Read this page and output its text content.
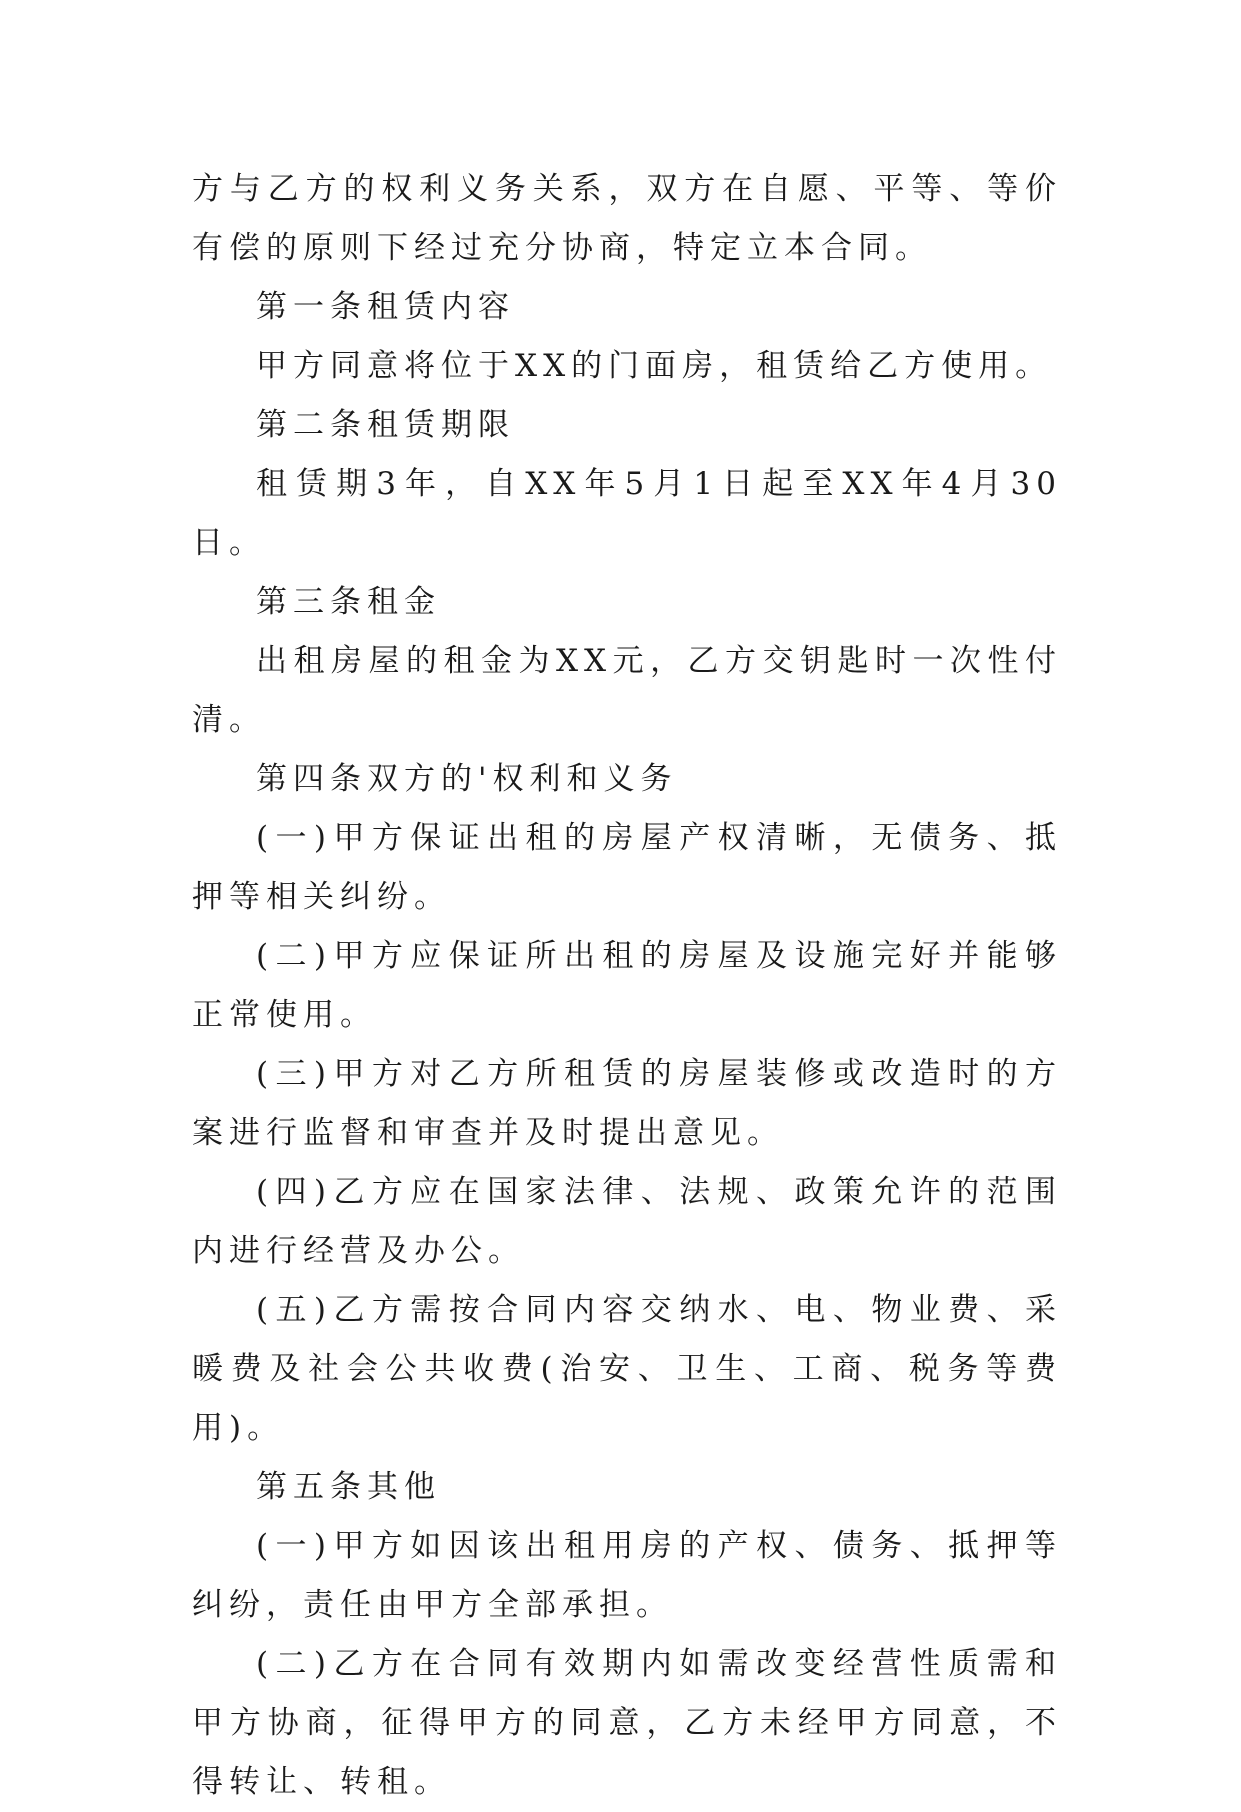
方与乙方的权利义务关系，双方在自愿、平等、等价有偿的原则下经过充分协商，特定立本合同。

第一条租赁内容

甲方同意将位于XX的门面房，租赁给乙方使用。

第二条租赁期限

租赁期3年，自XX年5月1日起至XX年4月30日。

第三条租金

出租房屋的租金为XX元，乙方交钥匙时一次性付清。

第四条双方的'权利和义务

(一)甲方保证出租的房屋产权清晰，无债务、抵押等相关纠纷。

(二)甲方应保证所出租的房屋及设施完好并能够正常使用。

(三)甲方对乙方所租赁的房屋装修或改造时的方案进行监督和审查并及时提出意见。

(四)乙方应在国家法律、法规、政策允许的范围内进行经营及办公。

(五)乙方需按合同内容交纳水、电、物业费、采暖费及社会公共收费(治安、卫生、工商、税务等费用)。

第五条其他

(一)甲方如因该出租用房的产权、债务、抵押等纠纷，责任由甲方全部承担。

(二)乙方在合同有效期内如需改变经营性质需和甲方协商，征得甲方的同意，乙方未经甲方同意，不得转让、转租。
